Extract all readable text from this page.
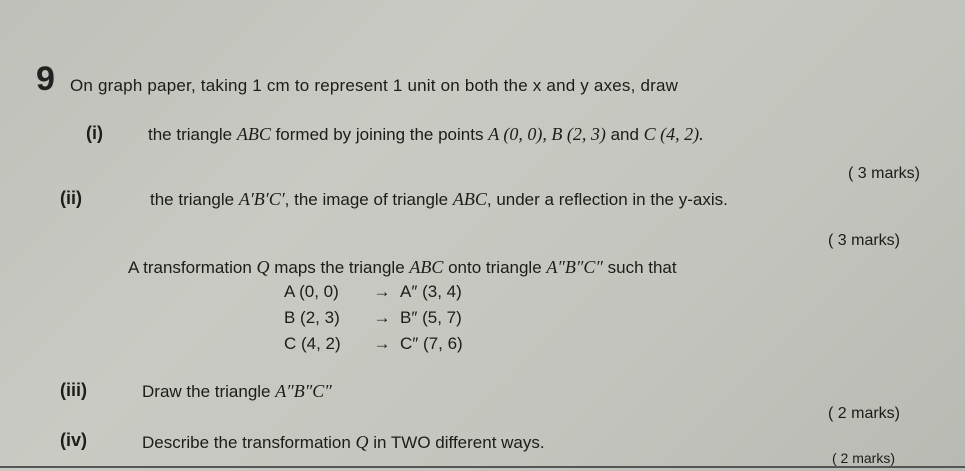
9 On graph paper, taking 1 cm to represent 1 unit on both the x and y axes, draw
(i)	the triangle ABC formed by joining the points A (0, 0), B (2, 3) and C (4, 2).
( 3 marks)
(ii)	the triangle A′B′C′, the image of triangle ABC, under a reflection in the y-axis.
( 3 marks)
A transformation Q maps the triangle ABC onto triangle A″B″C″ such that
A (0, 0) → A″ (3, 4)
B (2, 3) → B″ (5, 7)
C (4, 2) → C″ (7, 6)
(iii)	Draw the triangle A″B″C″
( 2 marks)
(iv)	Describe the transformation Q in TWO different ways.
( 2 marks)
